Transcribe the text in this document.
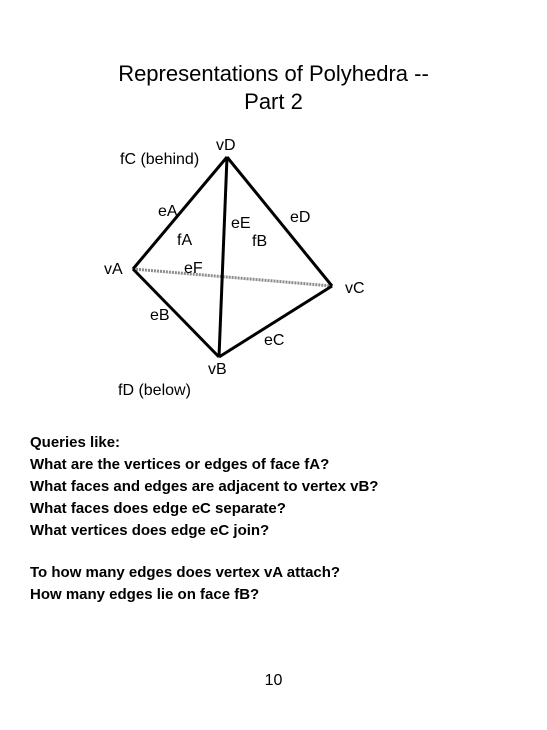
Representations of Polyhedra --
Part 2
vD
vA
vC
vB
eA
eE eD
eF
eB
eC
fC (behind)
fA	fB
fD (below)
Queries like:
What are the vertices or edges of face fA?
What faces and edges are adjacent to vertex vB?
What faces does edge eC separate?
What vertices does edge eC join?
To how many edges does vertex vA attach?
How many edges lie on face fB?
10
